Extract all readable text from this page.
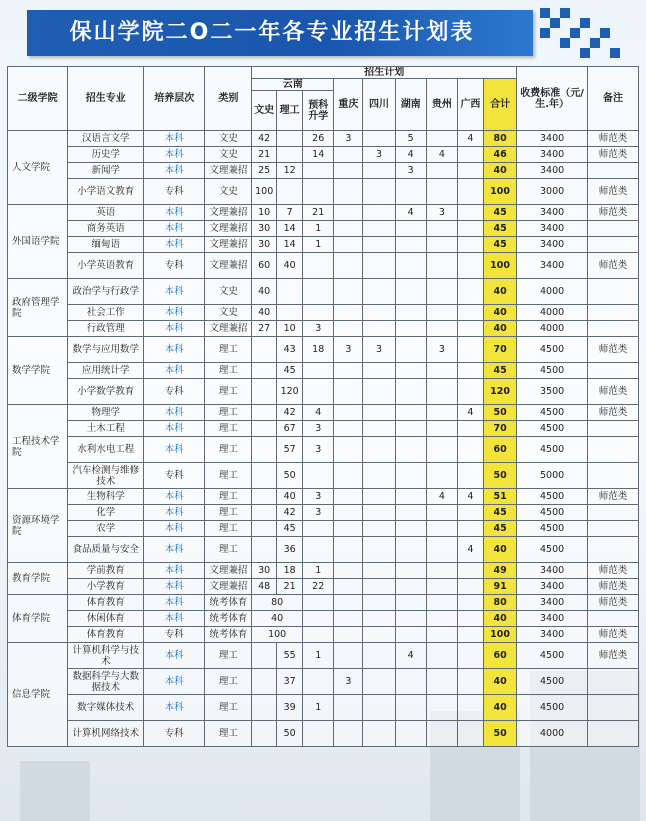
保山学院二O二一年各专业招生计划表
二级学院	招生专业	培养层次	类别	招生计划									收费标准（元/生.年）	备注
				云南			重庆	四川	湖南	贵州	广西	合计		
				文史	理工	预科升学								
人文学院	汉语言文学	本科	文史	42		26	3		5		4	80	3400	师范类
	历史学	本科	文史	21		14		3	4	4		46	3400	师范类
	新闻学	本科	文理兼招	25	12				3			40	3400	
	小学语文教育	专科	文史	100								100	3000	师范类
外国语学院	英语	本科	文理兼招	10	7	21			4	3		45	3400	师范类
	商务英语	本科	文理兼招	30	14	1						45	3400	
	缅甸语	本科	文理兼招	30	14	1						45	3400	
	小学英语教育	专科	文理兼招	60	40							100	3400	师范类
政府管理学院	政治学与行政学	本科	文史	40								40	4000	
	社会工作	本科	文史	40								40	4000	
	行政管理	本科	文理兼招	27	10	3						40	4000	
数学学院	数学与应用数学	本科	理工		43	18	3	3		3		70	4500	师范类
	应用统计学	本科	理工		45							45	4500	
	小学数学教育	专科	理工		120							120	3500	师范类
工程技术学院	物理学	本科	理工		42	4					4	50	4500	师范类
	土木工程	本科	理工		67	3						70	4500	
	水利水电工程	本科	理工		57	3						60	4500	
	汽车检测与维修技术	专科	理工		50							50	5000	
资源环境学院	生物科学	本科	理工		40	3				4	4	51	4500	师范类
	化学	本科	理工		42	3						45	4500	
	农学	本科	理工		45							45	4500	
	食品质量与安全	本科	理工		36						4	40	4500	
教育学院	学前教育	本科	文理兼招	30	18	1						49	3400	师范类
	小学教育	本科	文理兼招	48	21	22						91	3400	师范类
体育学院	体育教育	本科	统考体育	80								80	3400	师范类
	休闲体育	本科	统考体育	40								40	3400	
	体育教育	专科	统考体育	100								100	3400	师范类
信息学院	计算机科学与技术	本科	理工		55	1			4			60	4500	师范类
	数据科学与大数据技术	本科	理工		37		3					40	4500	
	数字媒体技术	本科	理工		39	1						40	4500	
	计算机网络技术	专科	理工		50							50	4000	
